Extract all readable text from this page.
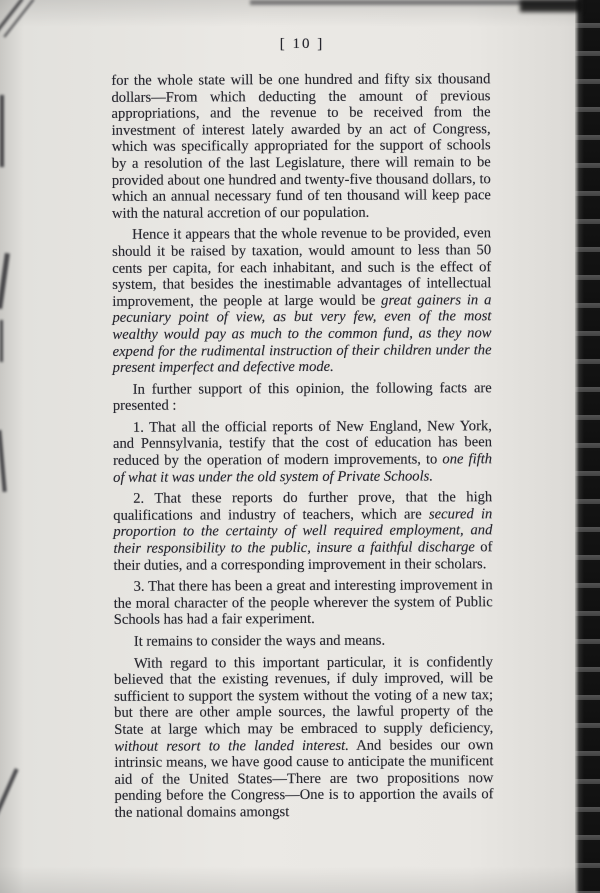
[ 10 ]

for the whole state will be one hundred and fifty six thousand dollars—From which deducting the amount of previous appropriations, and the revenue to be received from the investment of interest lately awarded by an act of Congress, which was specifically appropriated for the support of schools by a resolution of the last Legislature, there will remain to be provided about one hundred and twenty-five thousand dollars, to which an annual necessary fund of ten thousand will keep pace with the natural accretion of our population.

Hence it appears that the whole revenue to be provided, even should it be raised by taxation, would amount to less than 50 cents per capita, for each inhabitant, and such is the effect of system, that besides the inestimable advantages of intellectual improvement, the people at large would be great gainers in a pecuniary point of view, as but very few, even of the most wealthy would pay as much to the common fund, as they now expend for the rudimental instruction of their children under the present imperfect and defective mode.

In further support of this opinion, the following facts are presented :

1. That all the official reports of New England, New York, and Pennsylvania, testify that the cost of education has been reduced by the operation of modern improvements, to one fifth of what it was under the old system of Private Schools.

2. That these reports do further prove, that the high qualifications and industry of teachers, which are secured in proportion to the certainty of well required employment, and their responsibility to the public, insure a faithful discharge of their duties, and a corresponding improvement in their scholars.

3. That there has been a great and interesting improvement in the moral character of the people wherever the system of Public Schools has had a fair experiment.

It remains to consider the ways and means.

With regard to this important particular, it is confidently believed that the existing revenues, if duly improved, will be sufficient to support the system without the voting of a new tax; but there are other ample sources, the lawful property of the State at large which may be embraced to supply deficiency, without resort to the landed interest. And besides our own intrinsic means, we have good cause to anticipate the munificent aid of the United States—There are two propositions now pending before the Congress—One is to apportion the avails of the national domains amongst
